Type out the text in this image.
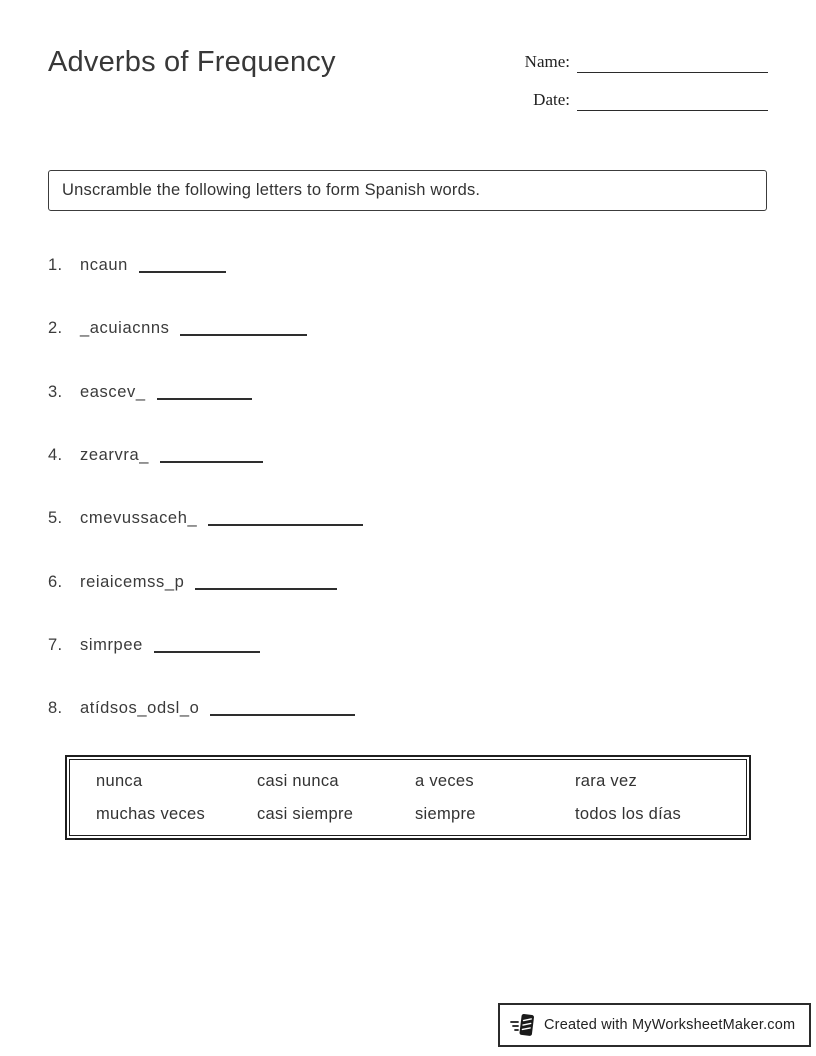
Adverbs of Frequency	Name:
Date:
Unscramble the following letters to form Spanish words.
1.	ncaun
2.	_acuiacnns
3.	eascev_
4.	zearvra_
5.	cmevussaceh_
6.	reiaicemss_p
7.	simrpee
8.	atídsos_odsl_o
nunca	casi nunca	a veces	rara vez
muchas veces	casi siempre	siempre	todos los días
Created with MyWorksheetMaker.com
